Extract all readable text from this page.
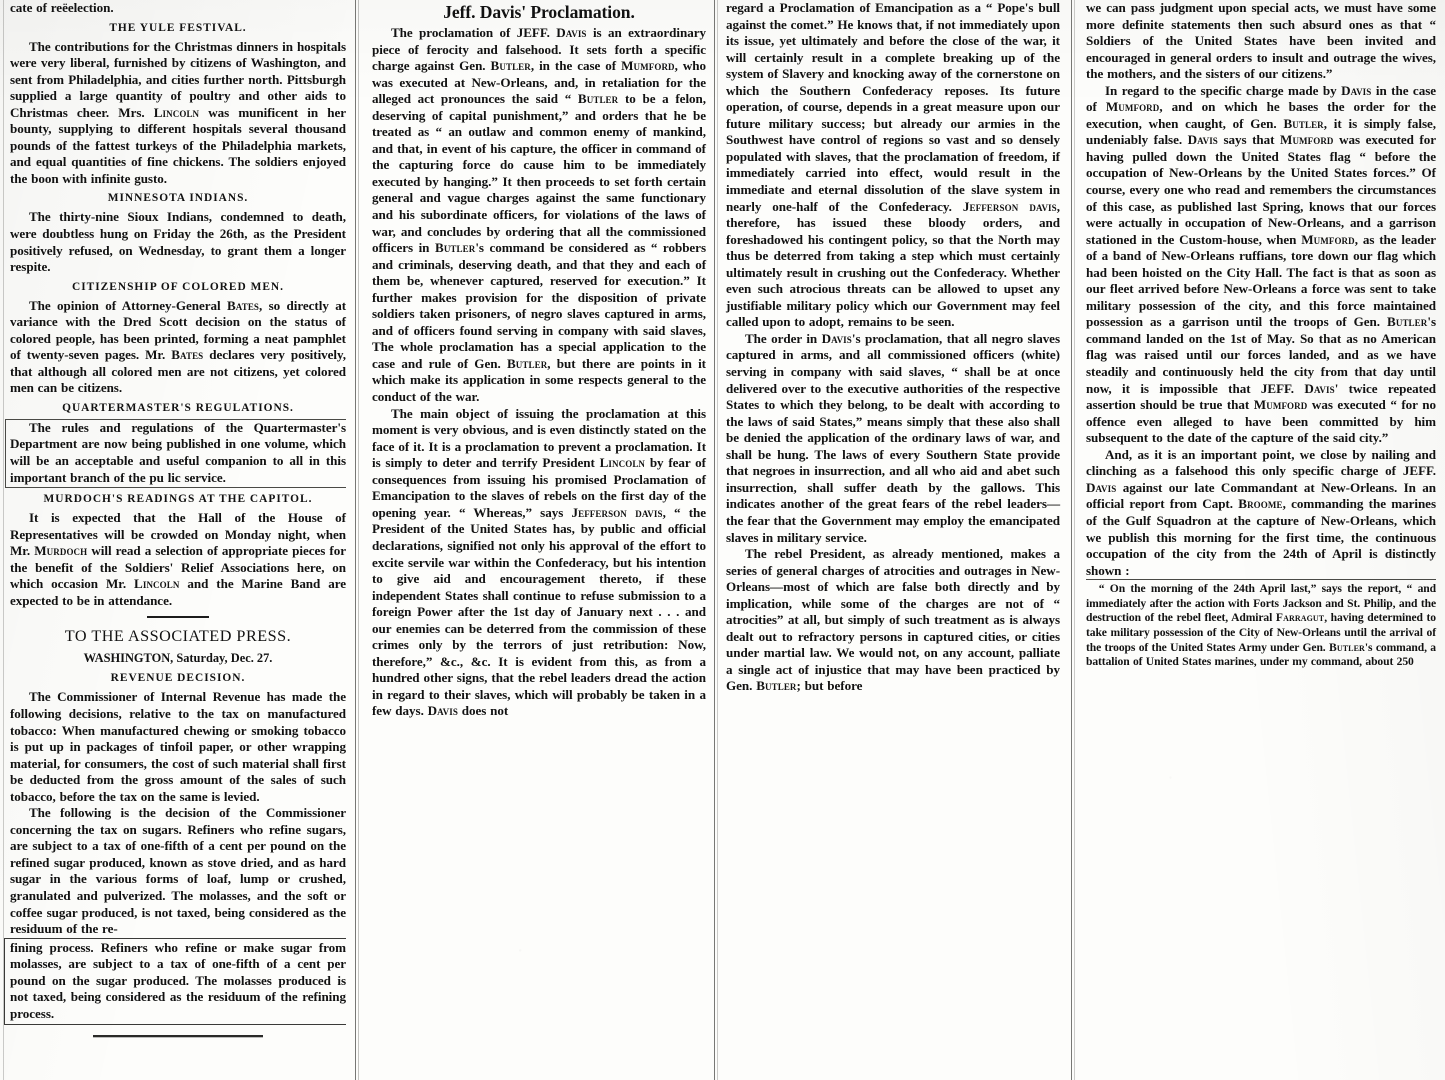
cate of reëelection.

THE YULE FESTIVAL.

The contributions for the Christmas dinners in hospitals were very liberal, furnished by citizens of Washington, and sent from Philadelphia, and cities further north. Pittsburgh supplied a large quantity of poultry and other aids to Christmas cheer. Mrs. Lincoln was munificent in her bounty, supplying to different hospitals several thousand pounds of the fattest turkeys of the Philadelphia markets, and equal quantities of fine chickens. The soldiers enjoyed the boon with infinite gusto.

MINNESOTA INDIANS.

The thirty-nine Sioux Indians, condemned to death, were doubtless hung on Friday the 26th, as the President positively refused, on Wednesday, to grant them a longer respite.

CITIZENSHIP OF COLORED MEN.

The opinion of Attorney-General Bates, so directly at variance with the Dred Scott decision on the status of colored people, has been printed, forming a neat pamphlet of twenty-seven pages. Mr. Bates declares very positively, that although all colored men are not citizens, yet colored men can be citizens.

QUARTERMASTER'S REGULATIONS.

The rules and regulations of the Quartermaster's Department are now being published in one volume, which will be an acceptable and useful companion to all in this important branch of the pu lic service.

MURDOCH'S READINGS AT THE CAPITOL.

It is expected that the Hall of the House of Representatives will be crowded on Monday night, when Mr. Murdoch will read a selection of appropriate pieces for the benefit of the Soldiers' Relief Associations here, on which occasion Mr. Lincoln and the Marine Band are expected to be in attendance.

TO THE ASSOCIATED PRESS.
WASHINGTON, Saturday, Dec. 27.
REVENUE DECISION.

The Commissioner of Internal Revenue has made the following decisions, relative to the tax on manufactured tobacco: When manufactured chewing or smoking tobacco is put up in packages of tinfoil paper, or other wrapping material, for consumers, the cost of such material shall first be deducted from the gross amount of the sales of such tobacco, before the tax on the same is levied.

The following is the decision of the Commissioner concerning the tax on sugars. Refiners who refine sugars, are subject to a tax of one-fifth of a cent per pound on the refined sugar produced, known as stove dried, and as hard sugar in the various forms of loaf, lump or crushed, granulated and pulverized. The molasses, and the soft or coffee sugar produced, is not taxed, being considered as the residuum of the re-

fining process. Refiners who refine or make sugar from molasses, are subject to a tax of one-fifth of a cent per pound on the sugar produced. The molasses produced is not taxed, being considered as the residuum of the refining process.

Jeff. Davis' Proclamation.

The proclamation of JEFF. Davis is an extraordinary piece of ferocity and falsehood. It sets forth a specific charge against Gen. Butler, in the case of Mumford, who was executed at New-Orleans, and, in retaliation for the alleged act pronounces the said “ Butler to be a felon, deserving of capital punishment,” and orders that he be treated as “ an outlaw and common enemy of mankind, and that, in event of his capture, the officer in command of the capturing force do cause him to be immediately executed by hanging.” It then proceeds to set forth certain general and vague charges against the same functionary and his subordinate officers, for violations of the laws of war, and concludes by ordering that all the commissioned officers in Butler's command be considered as “ robbers and criminals, deserving death, and that they and each of them be, whenever captured, reserved for execution.” It further makes provision for the disposition of private soldiers taken prisoners, of negro slaves captured in arms, and of officers found serving in company with said slaves, The whole proclamation has a special application to the case and rule of Gen. Butler, but there are points in it which make its application in some respects general to the conduct of the war.

The main object of issuing the proclamation at this moment is very obvious, and is even distinctly stated on the face of it. It is a proclamation to prevent a proclamation. It is simply to deter and terrify President Lincoln by fear of consequences from issuing his promised Proclamation of Emancipation to the slaves of rebels on the first day of the opening year. “ Whereas,” says Jefferson davis, “ the President of the United States has, by public and official declarations, signified not only his approval of the effort to excite servile war within the Confederacy, but his intention to give aid and encouragement thereto, if these independent States shall continue to refuse submission to a foreign Power after the 1st day of January next . . . and our enemies can be deterred from the commission of these crimes only by the terrors of just retribution: Now, therefore,” &c., &c. It is evident from this, as from a hundred other signs, that the rebel leaders dread the action in regard to their slaves, which will probably be taken in a few days. Davis does not

regard a Proclamation of Emancipation as a “ Pope's bull against the comet.” He knows that, if not immediately upon its issue, yet ultimately and before the close of the war, it will certainly result in a complete breaking up of the system of Slavery and knocking away of the cornerstone on which the Southern Confederacy reposes. Its future operation, of course, depends in a great measure upon our future military success; but already our armies in the Southwest have control of regions so vast and so densely populated with slaves, that the proclamation of freedom, if immediately carried into effect, would result in the immediate and eternal dissolution of the slave system in nearly one-half of the Confederacy. Jefferson davis, therefore, has issued these bloody orders, and foreshadowed his contingent policy, so that the North may thus be deterred from taking a step which must certainly ultimately result in crushing out the Confederacy. Whether even such atrocious threats can be allowed to upset any justifiable military policy which our Government may feel called upon to adopt, remains to be seen.

The order in Davis's proclamation, that all negro slaves captured in arms, and all commissioned officers (white) serving in company with said slaves, “ shall be at once delivered over to the executive authorities of the respective States to which they belong, to be dealt with according to the laws of said States,” means simply that these also shall be denied the application of the ordinary laws of war, and shall be hung. The laws of every Southern State provide that negroes in insurrection, and all who aid and abet such insurrection, shall suffer death by the gallows. This indicates another of the great fears of the rebel leaders—the fear that the Government may employ the emancipated slaves in military service.

The rebel President, as already mentioned, makes a series of general charges of atrocities and outrages in New-Orleans—most of which are false both directly and by implication, while some of the charges are not of “ atrocities” at all, but simply of such treatment as is always dealt out to refractory persons in captured cities, or cities under martial law. We would not, on any account, palliate a single act of injustice that may have been practiced by Gen. Butler; but before

we can pass judgment upon special acts, we must have some more definite statements then such absurd ones as that “ Soldiers of the United States have been invited and encouraged in general orders to insult and outrage the wives, the mothers, and the sisters of our citizens.”

In regard to the specific charge made by Davis in the case of Mumford, and on which he bases the order for the execution, when caught, of Gen. Butler, it is simply false, undeniably false. Davis says that Mumford was executed for having pulled down the United States flag “ before the occupation of New-Orleans by the United States forces.” Of course, every one who read and remembers the circumstances of this case, as published last Spring, knows that our forces were actually in occupation of New-Orleans, and a garrison stationed in the Custom-house, when Mumford, as the leader of a band of New-Orleans ruffians, tore down our flag which had been hoisted on the City Hall. The fact is that as soon as our fleet arrived before New-Orleans a force was sent to take military possession of the city, and this force maintained possession as a garrison until the troops of Gen. Butler's command landed on the 1st of May. So that as no American flag was raised until our forces landed, and as we have steadily and continuously held the city from that day until now, it is impossible that JEFF. Davis' twice repeated assertion should be true that Mumford was executed “ for no offence even alleged to have been committed by him subsequent to the date of the capture of the said city.”

And, as it is an important point, we close by nailing and clinching as a falsehood this only specific charge of JEFF. Davis against our late Commandant at New-Orleans. In an official report from Capt. Broome, commanding the marines of the Gulf Squadron at the capture of New-Orleans, which we publish this morning for the first time, the continuous occupation of the city from the 24th of April is distinctly shown :

“ On the morning of the 24th April last,” says the report, “ and immediately after the action with Forts Jackson and St. Philip, and the destruction of the rebel fleet, Admiral Farragut, having determined to take military possession of the City of New-Orleans until the arrival of the troops of the United States Army under Gen. Butler's command, a battalion of United States marines, under my command, about 250
